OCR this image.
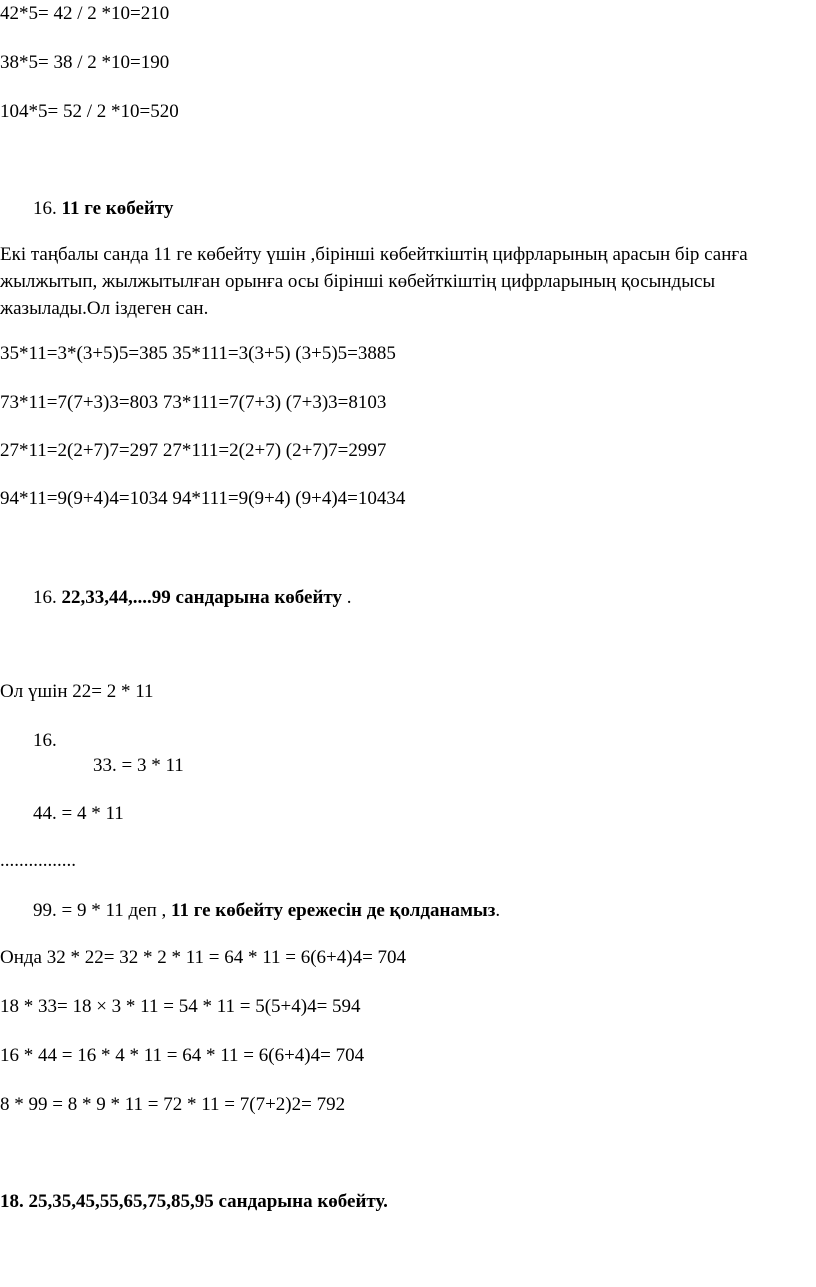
42*5= 42 / 2 *10=210
38*5= 38 / 2 *10=190
104*5= 52 / 2 *10=520
16. 11 ге көбейту
Екі таңбалы санда 11 ге көбейту үшін ,бірінші көбейткіштің цифрларының арасын бір санға жылжытып, жылжытылған орынға осы бірінші көбейткіштің цифрларының қосындысы жазылады.Ол іздеген сан.
35*11=3*(3+5)5=385 35*111=3(3+5) (3+5)5=3885
73*11=7(7+3)3=803 73*111=7(7+3) (7+3)3=8103
27*11=2(2+7)7=297 27*111=2(2+7) (2+7)7=2997
94*11=9(9+4)4=1034 94*111=9(9+4) (9+4)4=10434
16. 22,33,44,....99 сандарына көбейту .
Ол үшін 22= 2 * 11
16.
33. = 3 * 11
44. = 4 * 11
................
99. = 9 * 11 деп , 11 ге көбейту ережесін де қолданамыз.
Онда 32 * 22= 32 * 2 * 11 = 64 * 11 = 6(6+4)4= 704
18 * 33= 18 × 3 * 11 = 54 * 11 = 5(5+4)4= 594
16 * 44 = 16 * 4 * 11 = 64 * 11 = 6(6+4)4= 704
8 * 99 = 8 * 9 * 11 = 72 * 11 = 7(7+2)2= 792
18. 25,35,45,55,65,75,85,95 сандарына көбейту.
